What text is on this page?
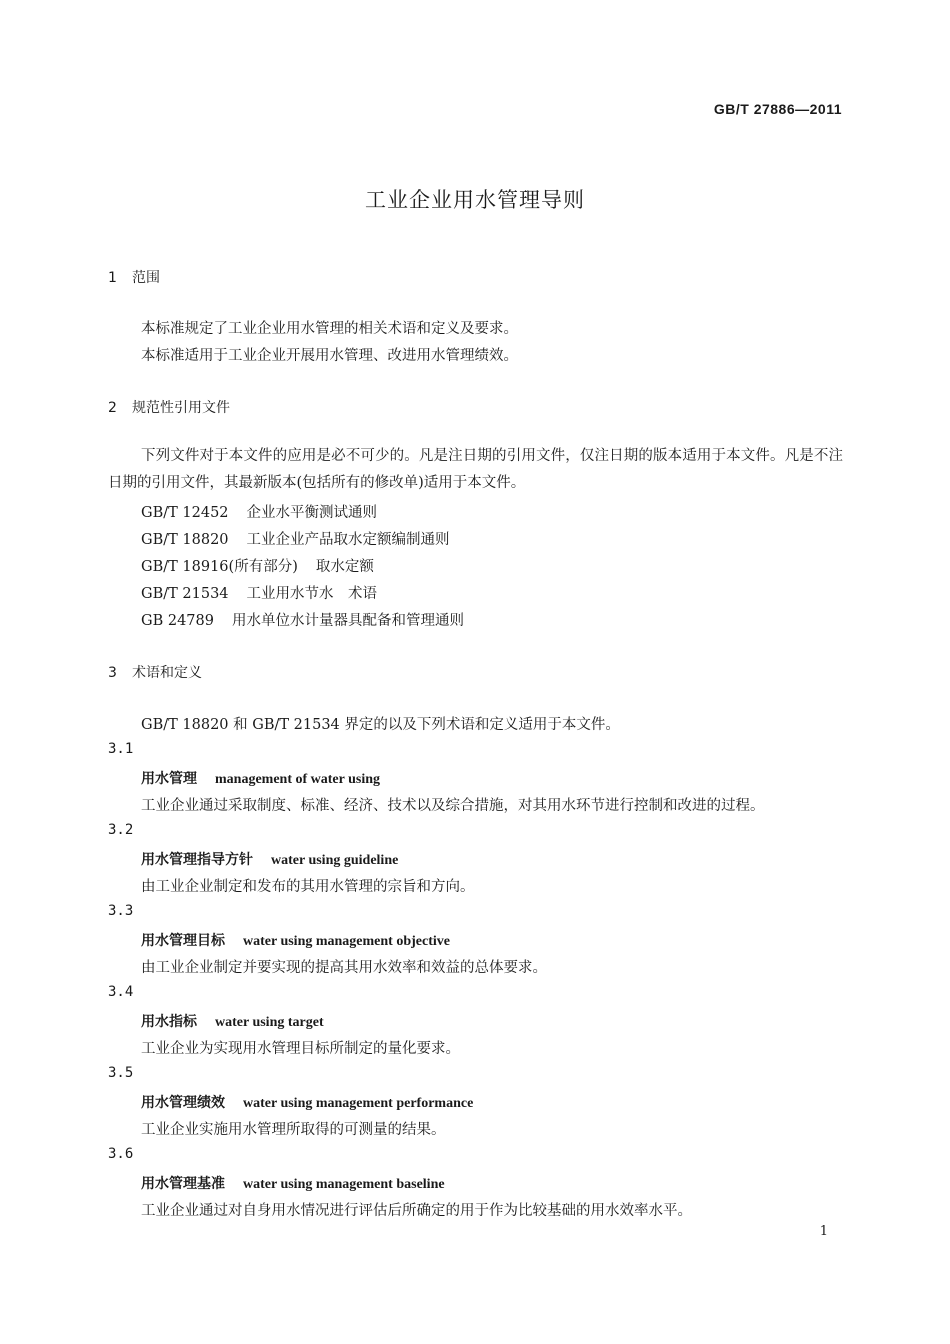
GB/T 27886—2011
工业企业用水管理导则
1 范围
本标准规定了工业企业用水管理的相关术语和定义及要求。
本标准适用于工业企业开展用水管理、改进用水管理绩效。
2 规范性引用文件
下列文件对于本文件的应用是必不可少的。凡是注日期的引用文件，仅注日期的版本适用于本文件。凡是不注日期的引用文件，其最新版本(包括所有的修改单)适用于本文件。
GB/T 12452 企业水平衡测试通则
GB/T 18820 工业企业产品取水定额编制通则
GB/T 18916(所有部分) 取水定额
GB/T 21534 工业用水节水　术语
GB 24789 用水单位水计量器具配备和管理通则
3 术语和定义
GB/T 18820 和 GB/T 21534 界定的以及下列术语和定义适用于本文件。
3.1
用水管理 management of water using
工业企业通过采取制度、标准、经济、技术以及综合措施，对其用水环节进行控制和改进的过程。
3.2
用水管理指导方针 water using guideline
由工业企业制定和发布的其用水管理的宗旨和方向。
3.3
用水管理目标 water using management objective
由工业企业制定并要实现的提高其用水效率和效益的总体要求。
3.4
用水指标 water using target
工业企业为实现用水管理目标所制定的量化要求。
3.5
用水管理绩效 water using management performance
工业企业实施用水管理所取得的可测量的结果。
3.6
用水管理基准 water using management baseline
工业企业通过对自身用水情况进行评估后所确定的用于作为比较基础的用水效率水平。
1
